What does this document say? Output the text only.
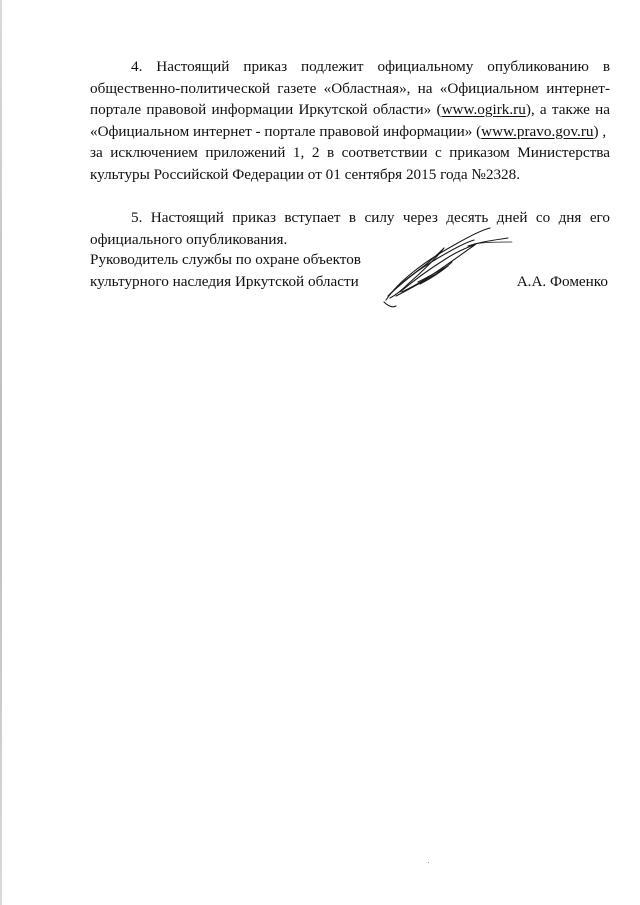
4. Настоящий приказ подлежит официальному опубликованию в
общественно-политической газете «Областная», на «Официальном интернет-
портале правовой информации Иркутской области» (www.ogirk.ru), а также на
«Официальном интернет - портале правовой информации» (www.pravo.gov.ru) ,
за исключением приложений 1, 2 в соответствии с приказом Министерства
культуры Российской Федерации от 01 сентября 2015 года №2328.

5. Настоящий приказ вступает в силу через десять дней со дня его
официального опубликования.

Руководитель службы по охране объектов
культурного наследия Иркутской области	А.А. Фоменко
